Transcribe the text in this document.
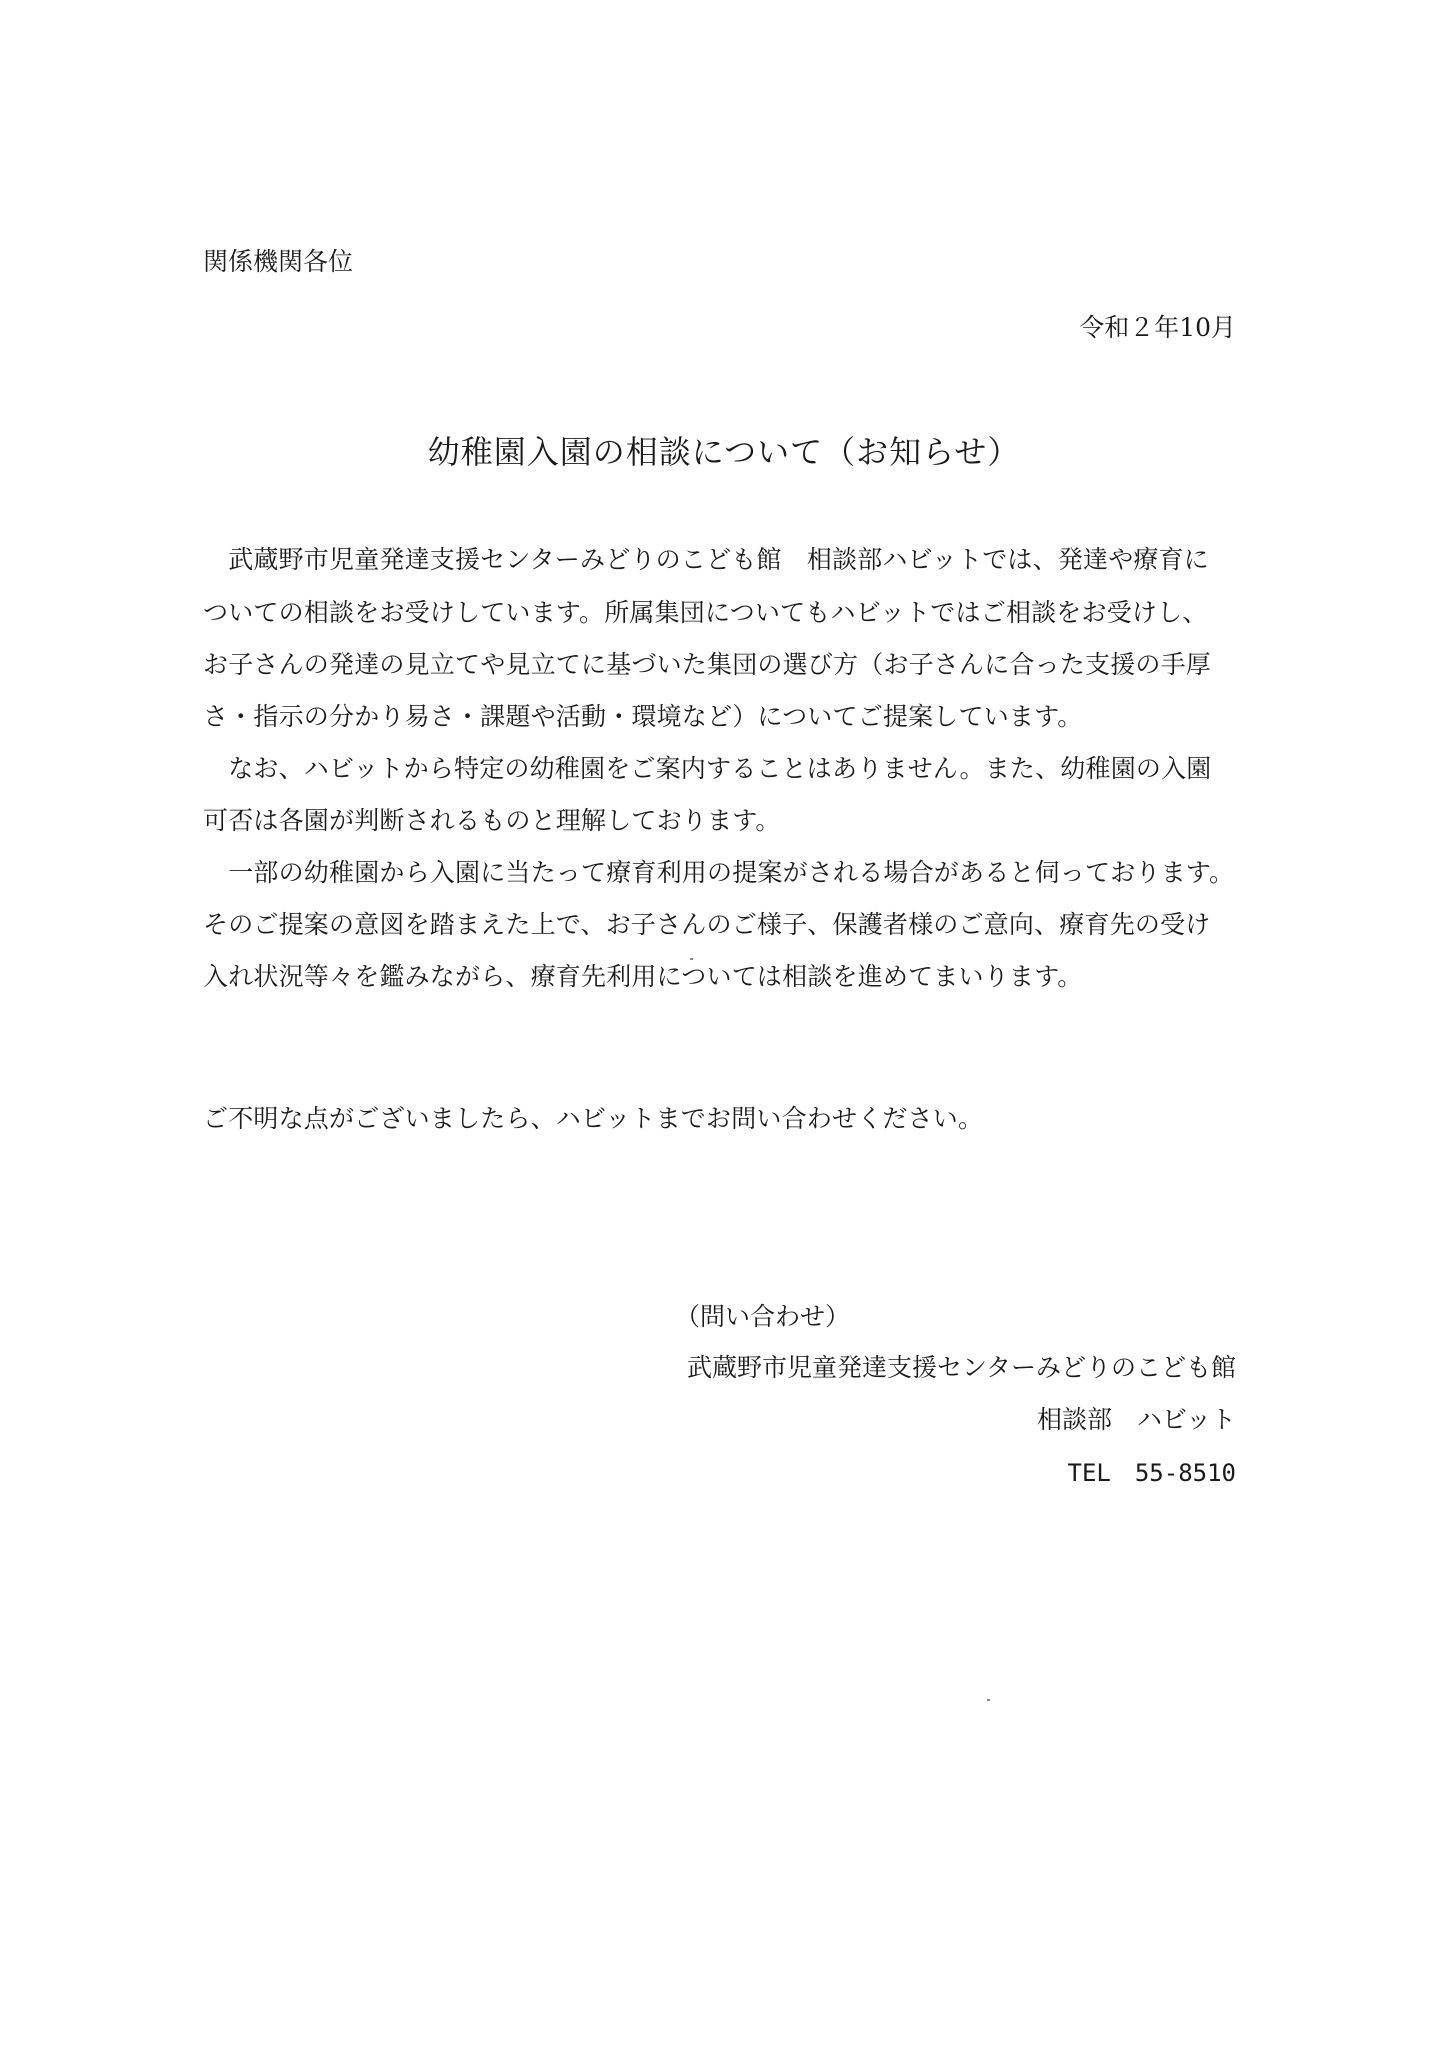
関係機関各位
令和２年10月
幼稚園入園の相談について（お知らせ）
　武蔵野市児童発達支援センターみどりのこども館　相談部ハビットでは、発達や療育に
ついての相談をお受けしています。所属集団についてもハビットではご相談をお受けし、
お子さんの発達の見立てや見立てに基づいた集団の選び方（お子さんに合った支援の手厚
さ・指示の分かり易さ・課題や活動・環境など）についてご提案しています。
　なお、ハビットから特定の幼稚園をご案内することはありません。また、幼稚園の入園
可否は各園が判断されるものと理解しております。
　一部の幼稚園から入園に当たって療育利用の提案がされる場合があると伺っております。
そのご提案の意図を踏まえた上で、お子さんのご様子、保護者様のご意向、療育先の受け
入れ状況等々を鑑みながら、療育先利用については相談を進めてまいります。
ご不明な点がございましたら、ハビットまでお問い合わせください。
（問い合わせ）
武蔵野市児童発達支援センターみどりのこども館
相談部　ハビット
TEL　55-8510
